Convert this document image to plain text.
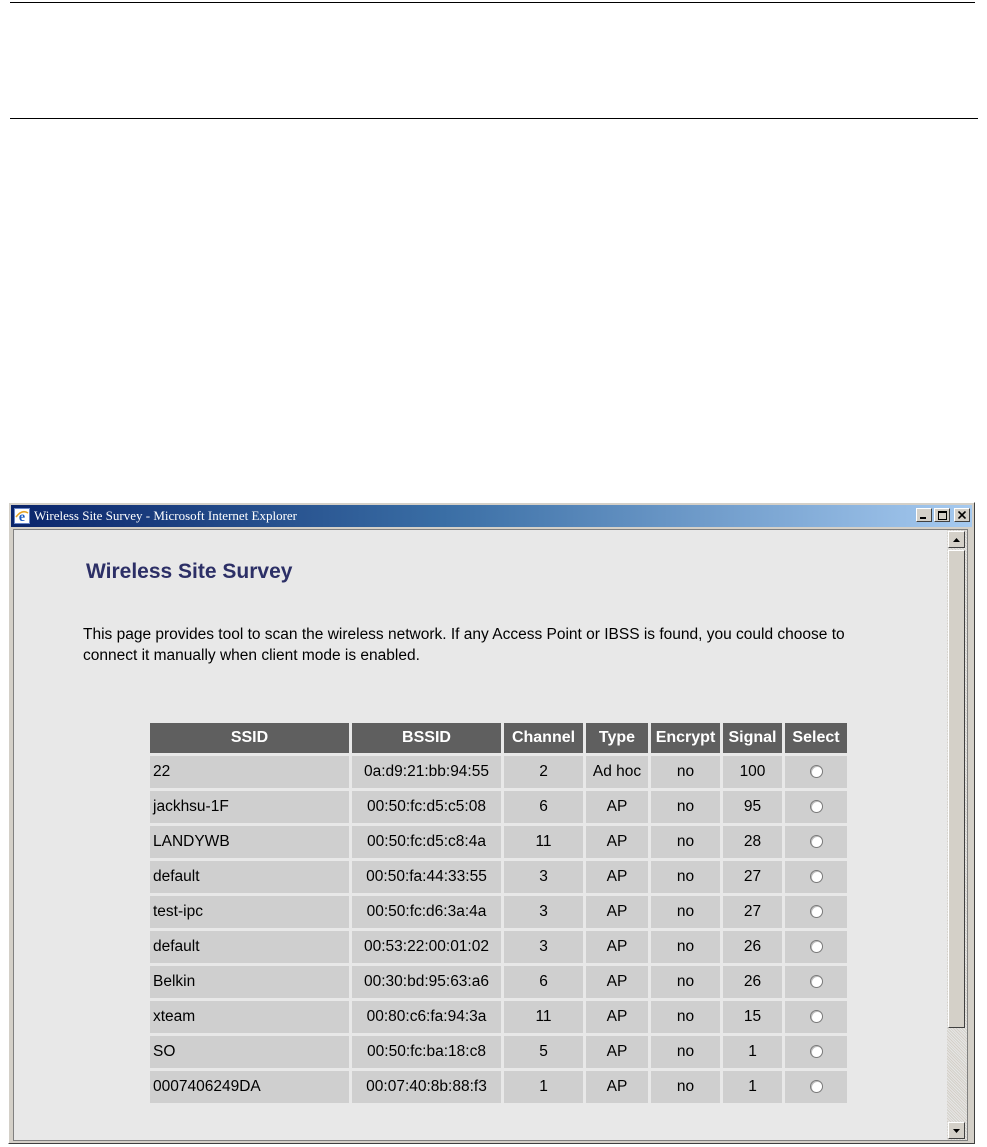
e Wireless Site Survey - Microsoft Internet Explorer
Wireless Site Survey
This page provides tool to scan the wireless network. If any Access Point or IBSS is found, you could choose to connect it manually when client mode is enabled.
SSID	BSSID	Channel	Type	Encrypt	Signal	Select
22	0a:d9:21:bb:94:55	2	Ad hoc	no	100	
jackhsu-1F	00:50:fc:d5:c5:08	6	AP	no	95	
LANDYWB	00:50:fc:d5:c8:4a	11	AP	no	28	
default	00:50:fa:44:33:55	3	AP	no	27	
test-ipc	00:50:fc:d6:3a:4a	3	AP	no	27	
default	00:53:22:00:01:02	3	AP	no	26	
Belkin	00:30:bd:95:63:a6	6	AP	no	26	
xteam	00:80:c6:fa:94:3a	11	AP	no	15	
SO	00:50:fc:ba:18:c8	5	AP	no	1	
0007406249DA	00:07:40:8b:88:f3	1	AP	no	1	
